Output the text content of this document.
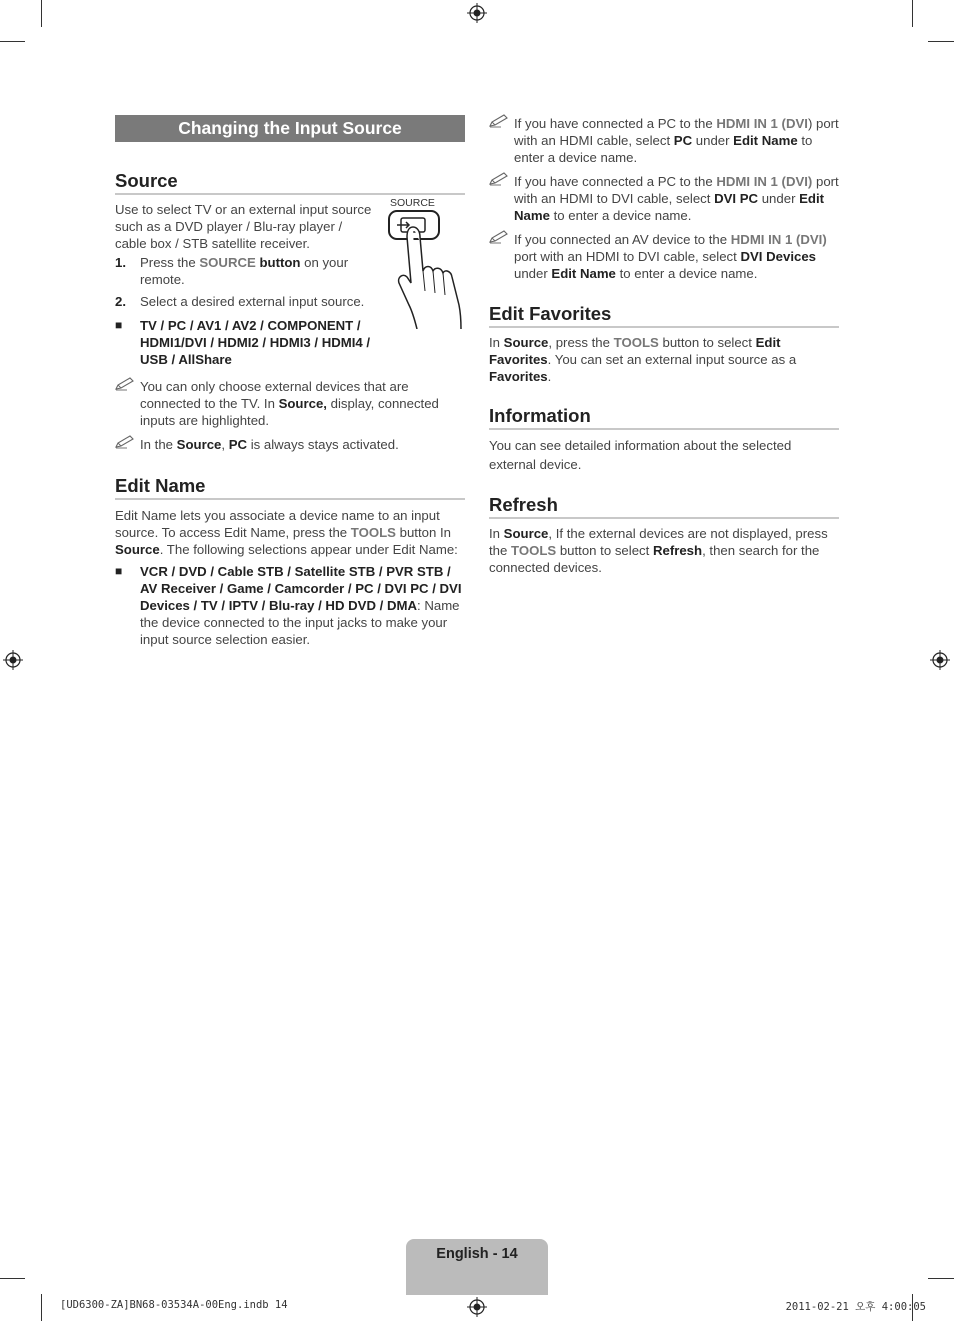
Changing the Input Source
Source
Use to select TV or an external input source such as a DVD player / Blu-ray player / cable box / STB satellite receiver.
SOURCE
1. Press the SOURCE button on your remote.
2. Select a desired external input source.
■ TV / PC / AV1 / AV2 / COMPONENT / HDMI1/DVI / HDMI2 / HDMI3 / HDMI4 / USB / AllShare
You can only choose external devices that are connected to the TV. In Source, display, connected inputs are highlighted.
In the Source, PC is always stays activated.
Edit Name
Edit Name lets you associate a device name to an input source. To access Edit Name, press the TOOLS button In Source. The following selections appear under Edit Name:
■ VCR / DVD / Cable STB / Satellite STB / PVR STB / AV Receiver / Game / Camcorder / PC / DVI PC / DVI Devices / TV / IPTV / Blu-ray / HD DVD / DMA: Name the device connected to the input jacks to make your input source selection easier.
If you have connected a PC to the HDMI IN 1 (DVI) port with an HDMI cable, select PC under Edit Name to enter a device name.
If you have connected a PC to the HDMI IN 1 (DVI) port with an HDMI to DVI cable, select DVI PC under Edit Name to enter a device name.
If you connected an AV device to the HDMI IN 1 (DVI) port with an HDMI to DVI cable, select DVI Devices under Edit Name to enter a device name.
Edit Favorites
In Source, press the TOOLS button to select Edit Favorites. You can set an external input source as a Favorites.
Information
You can see detailed information about the selected external device.
Refresh
In Source, If the external devices are not displayed, press the TOOLS button to select Refresh, then search for the connected devices.
English - 14
[UD6300-ZA]BN68-03534A-00Eng.indb 14	2011-02-21 오후 4:00:05
